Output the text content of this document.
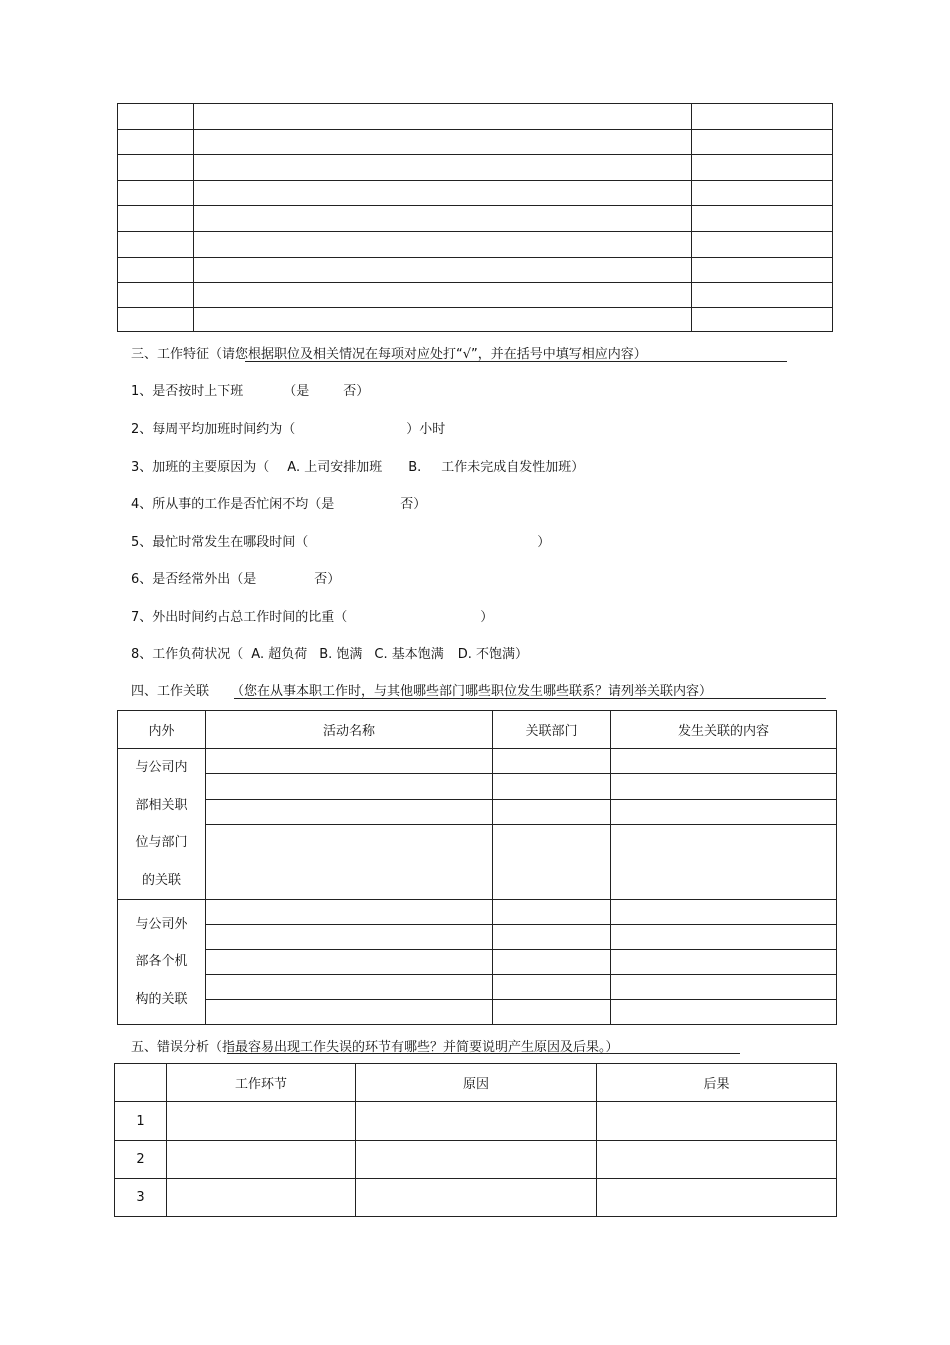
三、工作特征（请您根据职位及相关情况在每项对应处打“√”，并在括号中填写相应内容）
1、是否按时上下班	（是	否）
2、每周平均加班时间约为（	）小时
3、加班的主要原因为（ A. 上司安排加班 B. 工作未完成自发性加班）
4、所从事的工作是否忙闲不均（是	否）
5、最忙时常发生在哪段时间（	）
6、是否经常外出（是	否）
7、外出时间约占总工作时间的比重（	）
8、工作负荷状况（ A. 超负荷 B. 饱满 C. 基本饱满 D. 不饱满）
四、工作关联 （您在从事本职工作时，与其他哪些部门哪些职位发生哪些联系？请列举关联内容）
内外	活动名称	关联部门	发生关联的内容

与公司内
部相关职
位与部门
的关联			

与公司外
部各个机
构的关联			

五、错误分析（指最容易出现工作失误的环节有哪些？并简要说明产生原因及后果。）
	工作环节	原因	后果
1			
2			
3			
